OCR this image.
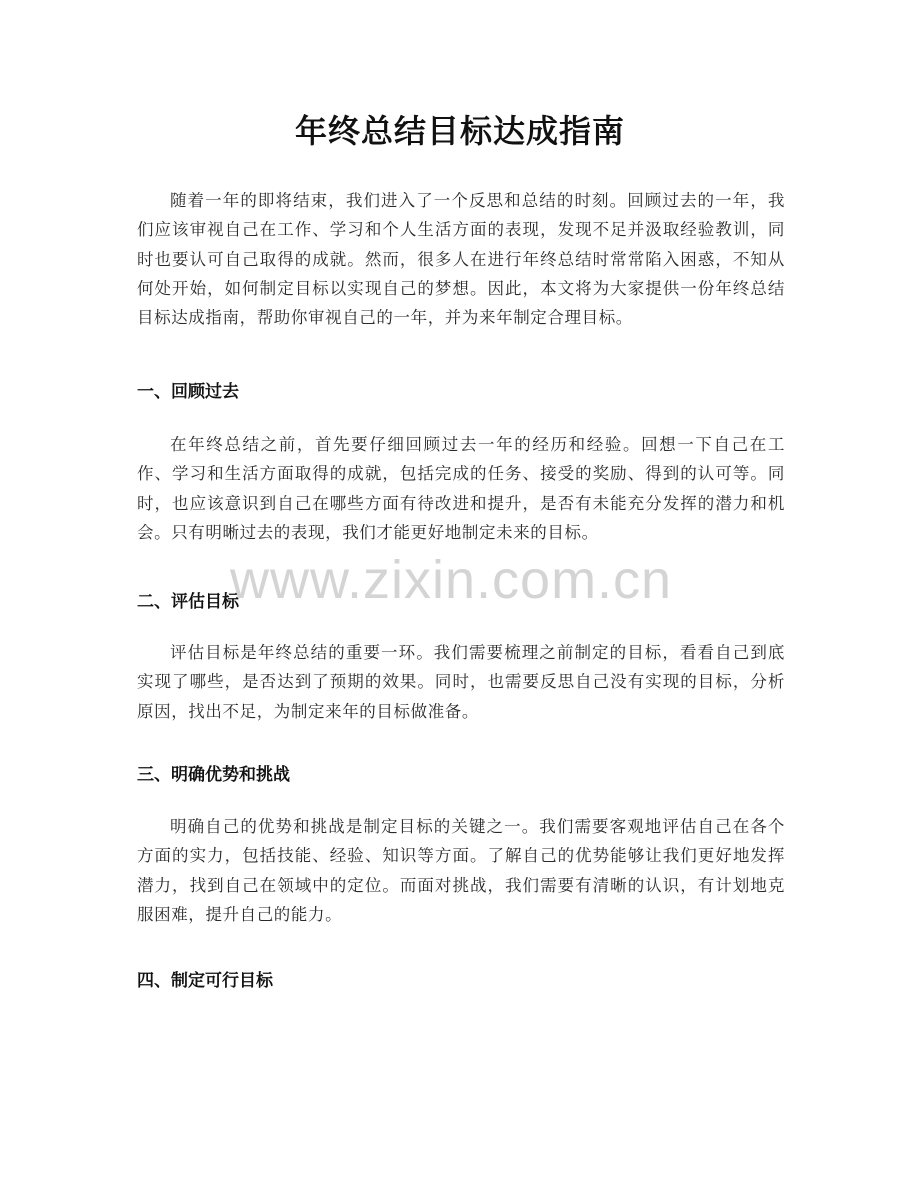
年终总结目标达成指南
随着一年的即将结束，我们进入了一个反思和总结的时刻。回顾过去的一年，我们应该审视自己在工作、学习和个人生活方面的表现，发现不足并汲取经验教训，同时也要认可自己取得的成就。然而，很多人在进行年终总结时常常陷入困惑，不知从何处开始，如何制定目标以实现自己的梦想。因此，本文将为大家提供一份年终总结目标达成指南，帮助你审视自己的一年，并为来年制定合理目标。
一、回顾过去
在年终总结之前，首先要仔细回顾过去一年的经历和经验。回想一下自己在工作、学习和生活方面取得的成就，包括完成的任务、接受的奖励、得到的认可等。同时，也应该意识到自己在哪些方面有待改进和提升，是否有未能充分发挥的潜力和机会。只有明晰过去的表现，我们才能更好地制定未来的目标。
二、评估目标
评估目标是年终总结的重要一环。我们需要梳理之前制定的目标，看看自己到底实现了哪些，是否达到了预期的效果。同时，也需要反思自己没有实现的目标，分析原因，找出不足，为制定来年的目标做准备。
三、明确优势和挑战
明确自己的优势和挑战是制定目标的关键之一。我们需要客观地评估自己在各个方面的实力，包括技能、经验、知识等方面。了解自己的优势能够让我们更好地发挥潜力，找到自己在领域中的定位。而面对挑战，我们需要有清晰的认识，有计划地克服困难，提升自己的能力。
四、制定可行目标
www.zixin.com.cn
